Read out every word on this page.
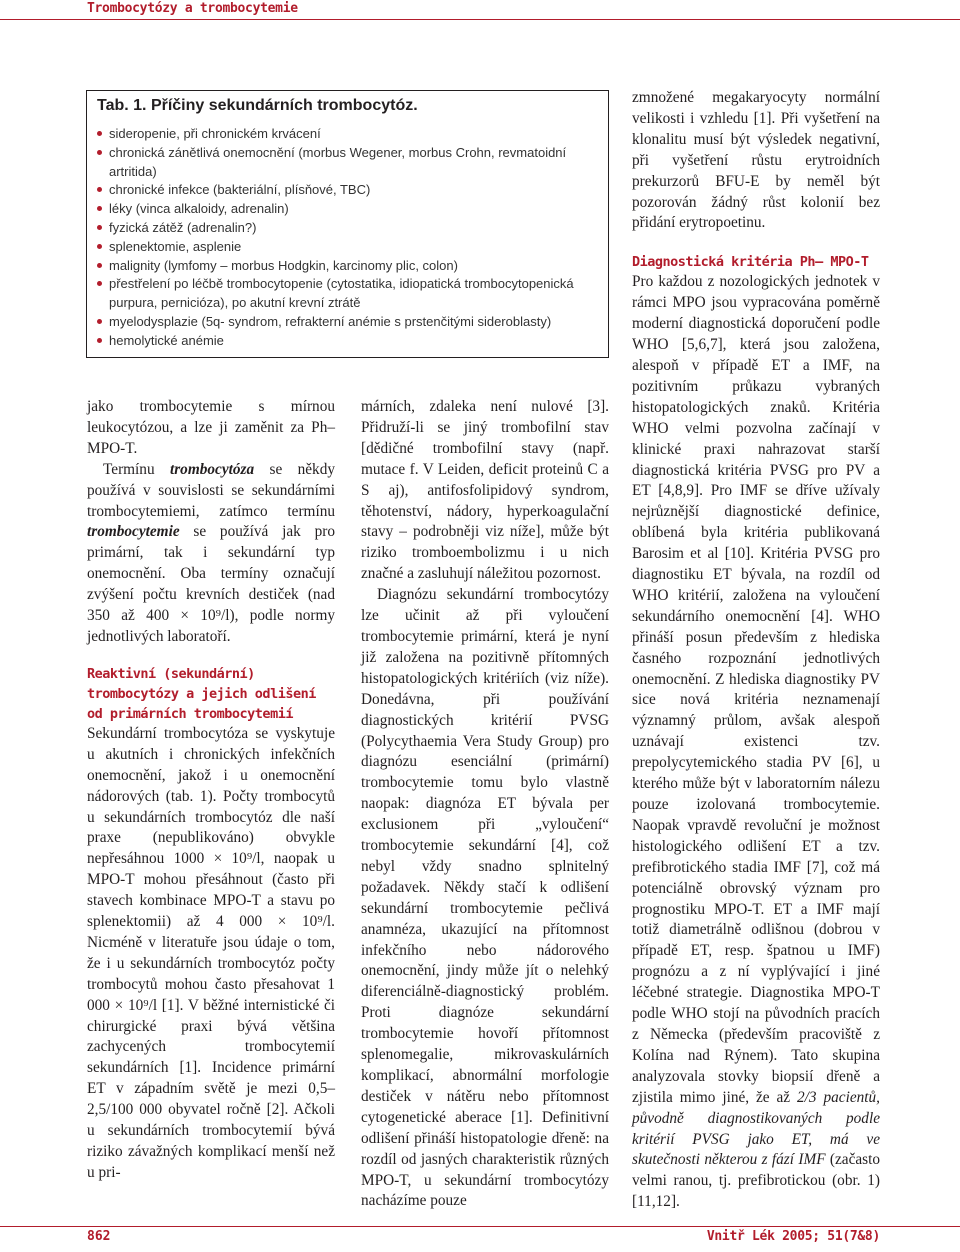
Trombocytózy a trombocytemie
Tab. 1. Příčiny sekundárních trombocytóz.
sideropenie, při chronickém krvácení
chronická zánětlivá onemocnění (morbus Wegener, morbus Crohn, revmatoidní artritida)
chronické infekce (bakteriální, plísňové, TBC)
léky (vinca alkaloidy, adrenalin)
fyzická zátěž (adrenalin?)
splenektomie, asplenie
malignity (lymfomy – morbus Hodgkin, karcinomy plic, colon)
přestřelení po léčbě trombocytopenie (cytostatika, idiopatická trombocytopenická purpura, pernicióza), po akutní krevní ztrátě
myelodysplazie (5q- syndrom, refrakterní anémie s prstenčitými sideroblasty)
hemolytické anémie

jako trombocytemie s mírnou leukocytózou, a lze ji zaměnit za Ph– MPO-T.

Termínu trombocytóza se někdy používá v souvislosti se sekundárními trombocytemiemi, zatímco termínu trombocytemie se používá jak pro primární, tak i sekundární typ onemocnění. Oba termíny označují zvýšení počtu krevních destiček (nad 350 až 400 × 10⁹/l), podle normy jednotlivých laboratoří.

Reaktivní (sekundární) trombocytózy a jejich odlišení od primárních trombocytemií

Sekundární trombocytóza se vyskytuje u akutních i chronických infekčních onemocnění, jakož i u onemocnění nádorových (tab. 1). Počty trombocytů u sekundárních trombocytóz dle naší praxe (nepublikováno) obvykle nepřesáhnou 1000 × 10⁹/l, naopak u MPO-T mohou přesáhnout (často při stavech kombinace MPO-T a stavu po splenektomii) až 4 000 × 10⁹/l. Nicméně v literatuře jsou údaje o tom, že i u sekundárních trombocytóz počty trombocytů mohou často přesahovat 1 000 × 10⁹/l [1]. V běžné internistické či chirurgické praxi bývá většina zachycených trombocytemií sekundárních [1]. Incidence primární ET v západním světě je mezi 0,5–2,5/100 000 obyvatel ročně [2]. Ačkoli u sekundárních trombocytemií bývá riziko závažných komplikací menší než u pri-

márních, zdaleka není nulové [3]. Přidruží-li se jiný trombofilní stav [dědičné trombofilní stavy (např. mutace f. V Leiden, deficit proteinů C a S aj), antifosfolipidový syndrom, těhotenství, nádory, hyperkoagulační stavy – podrobněji viz níže], může být riziko tromboembolizmu i u nich značné a zasluhují náležitou pozornost.

Diagnózu sekundární trombocytózy lze učinit až při vyloučení trombocytemie primární, která je nyní již založena na pozitivně přítomných histopatologických kritériích (viz níže). Donedávna, při používání diagnostických kritérií PVSG (Polycythaemia Vera Study Group) pro diagnózu esenciální (primární) trombocytemie tomu bylo vlastně naopak: diagnóza ET bývala per exclusionem při „vyloučení“ trombocytemie sekundární [4], což nebyl vždy snadno splnitelný požadavek. Někdy stačí k odlišení sekundární trombocytemie pečlivá anamnéza, ukazující na přítomnost infekčního nebo nádorového onemocnění, jindy může jít o nelehký diferenciálně-diagnostický problém. Proti diagnóze sekundární trombocytemie hovoří přítomnost splenomegalie, mikrovaskulárních komplikací, abnormální morfologie destiček v nátěru nebo přítomnost cytogenetické aberace [1]. Definitivní odlišení přináší histopatologie dřeně: na rozdíl od jasných charakteristik různých MPO-T, u sekundární trombocytózy nacházíme pouze

zmnožené megakaryocyty normální velikosti i vzhledu [1]. Při vyšetření na klonalitu musí být výsledek negativní, při vyšetření růstu erytroidních prekurzorů BFU-E by neměl být pozorován žádný růst kolonií bez přidání erytropoetinu.

Diagnostická kritéria Ph– MPO-T

Pro každou z nozologických jednotek v rámci MPO jsou vypracována poměrně moderní diagnostická doporučení podle WHO [5,6,7], která jsou založena, alespoň v případě ET a IMF, na pozitivním průkazu vybraných histopatologických znaků. Kritéria WHO velmi pozvolna začínají v klinické praxi nahrazovat starší diagnostická kritéria PVSG pro PV a ET [4,8,9]. Pro IMF se dříve užívaly nejrůznější diagnostické definice, oblíbená byla kritéria publikovaná Barosim et al [10]. Kritéria PVSG pro diagnostiku ET bývala, na rozdíl od WHO kritérií, založena na vyloučení sekundárního onemocnění [4]. WHO přináší posun především z hlediska časného rozpoznání jednotlivých onemocnění. Z hlediska diagnostiky PV sice nová kritéria neznamenají významný průlom, avšak alespoň uznávají existenci tzv. prepolycytemického stadia PV [6], u kterého může být v laboratorním nálezu pouze izolovaná trombocytemie. Naopak vpravdě revoluční je možnost histologického odlišení ET a tzv. prefibrotického stadia IMF [7], což má potenciálně obrovský význam pro prognostiku MPO-T. ET a IMF mají totiž diametrálně odlišnou (dobrou v případě ET, resp. špatnou u IMF) prognózu a z ní vyplývající i jiné léčebné strategie. Diagnostika MPO-T podle WHO stojí na původních pracích z Německa (především pracoviště z Kolína nad Rýnem). Tato skupina analyzovala stovky biopsií dřeně a zjistila mimo jiné, že až 2/3 pacientů, původně diagnostikovaných podle kritérií PVSG jako ET, má ve skutečnosti některou z fází IMF (začasto velmi ranou, tj. prefibrotickou (obr. 1) [11,12].

862	Vnitř Lék 2005; 51(7&8)
